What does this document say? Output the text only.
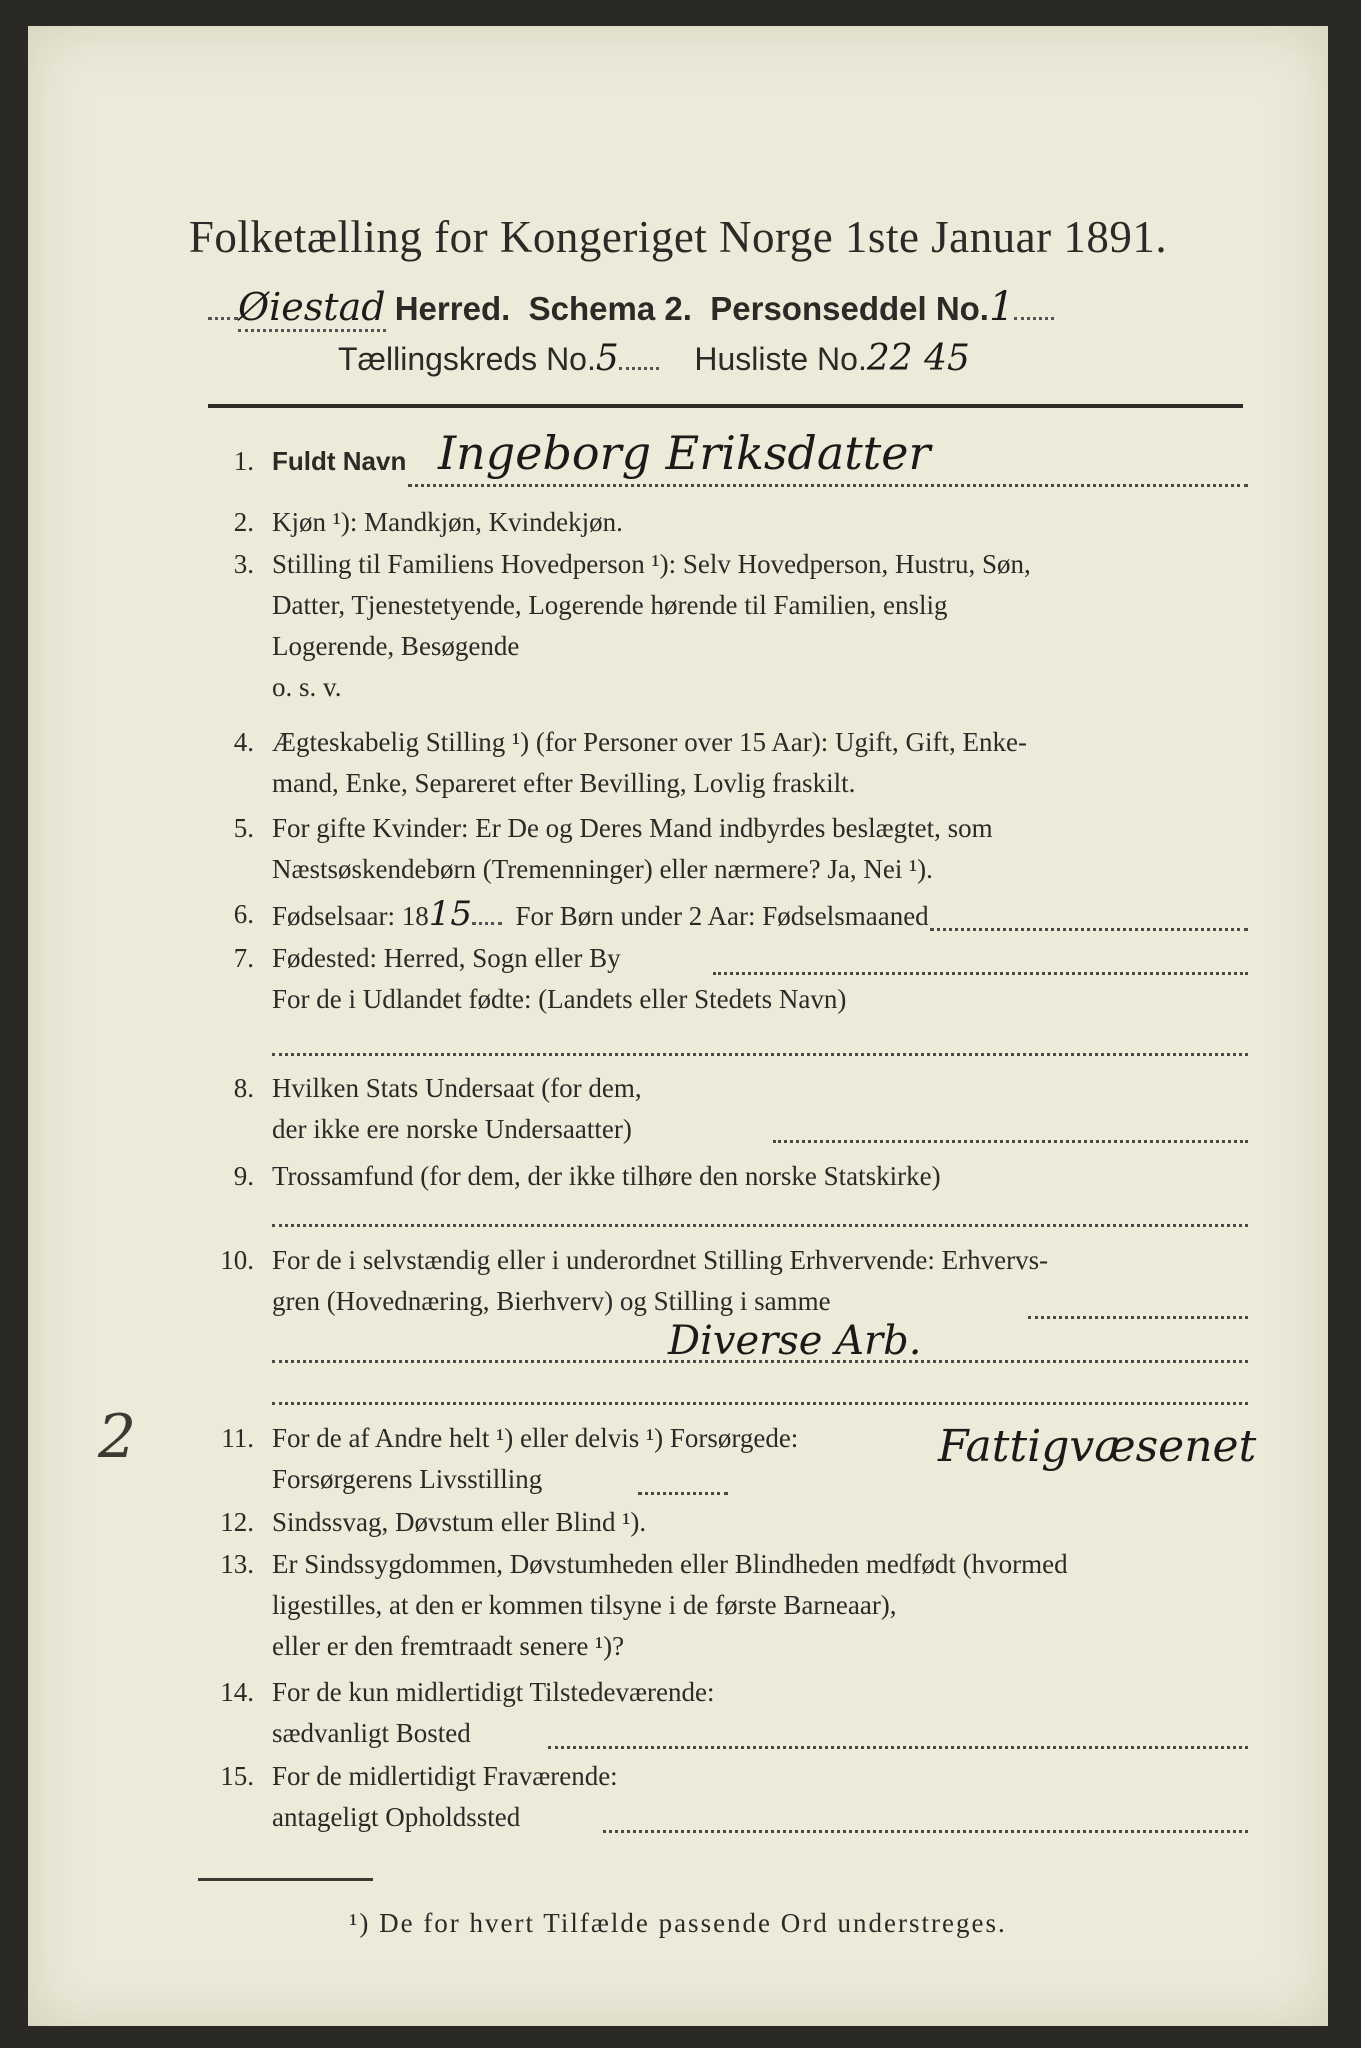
Folketælling for Kongeriget Norge 1ste Januar 1891.
Øiestad Herred. Schema 2. Personseddel No.1
Tællingskreds No.5 Husliste No.22 45
1. Fuldt Navn Ingeborg Eriksdatter
2. Kjøn ¹): Mandkjøn, Kvindekjøn.
3. Stilling til Familiens Hovedperson ¹): Selv Hovedperson, Hustru, Søn,
Datter, Tjenestetyende, Logerende hørende til Familien, enslig
Logerende, Besøgende
o. s. v.
4. Ægteskabelig Stilling ¹) (for Personer over 15 Aar): Ugift, Gift, Enke-
mand, Enke, Separeret efter Bevilling, Lovlig fraskilt.
5. For gifte Kvinder: Er De og Deres Mand indbyrdes beslægtet, som
Næstsøskendebørn (Tremenninger) eller nærmere? Ja, Nei ¹).
6. Fødselsaar: 1815 For Børn under 2 Aar: Fødselsmaaned
7. Fødested: Herred, Sogn eller By
For de i Udlandet fødte: (Landets eller Stedets Navn)
8. Hvilken Stats Undersaat (for dem,
der ikke ere norske Undersaatter)
9. Trossamfund (for dem, der ikke tilhøre den norske Statskirke)
10. For de i selvstændig eller i underordnet Stilling Erhvervende: Erhvervs-
gren (Hovednæring, Bierhverv) og Stilling i samme
Diverse Arb.
2	11. For de af Andre helt ¹) eller delvis ¹) Forsørgede:
Forsørgerens Livsstilling
Fattigvæsenet
12. Sindssvag, Døvstum eller Blind ¹).
13. Er Sindssygdommen, Døvstumheden eller Blindheden medfødt (hvormed
ligestilles, at den er kommen tilsyne i de første Barneaar),
eller er den fremtraadt senere ¹)?
14. For de kun midlertidigt Tilstedeværende:
sædvanligt Bosted
15. For de midlertidigt Fraværende:
antageligt Opholdssted
¹) De for hvert Tilfælde passende Ord understreges.
